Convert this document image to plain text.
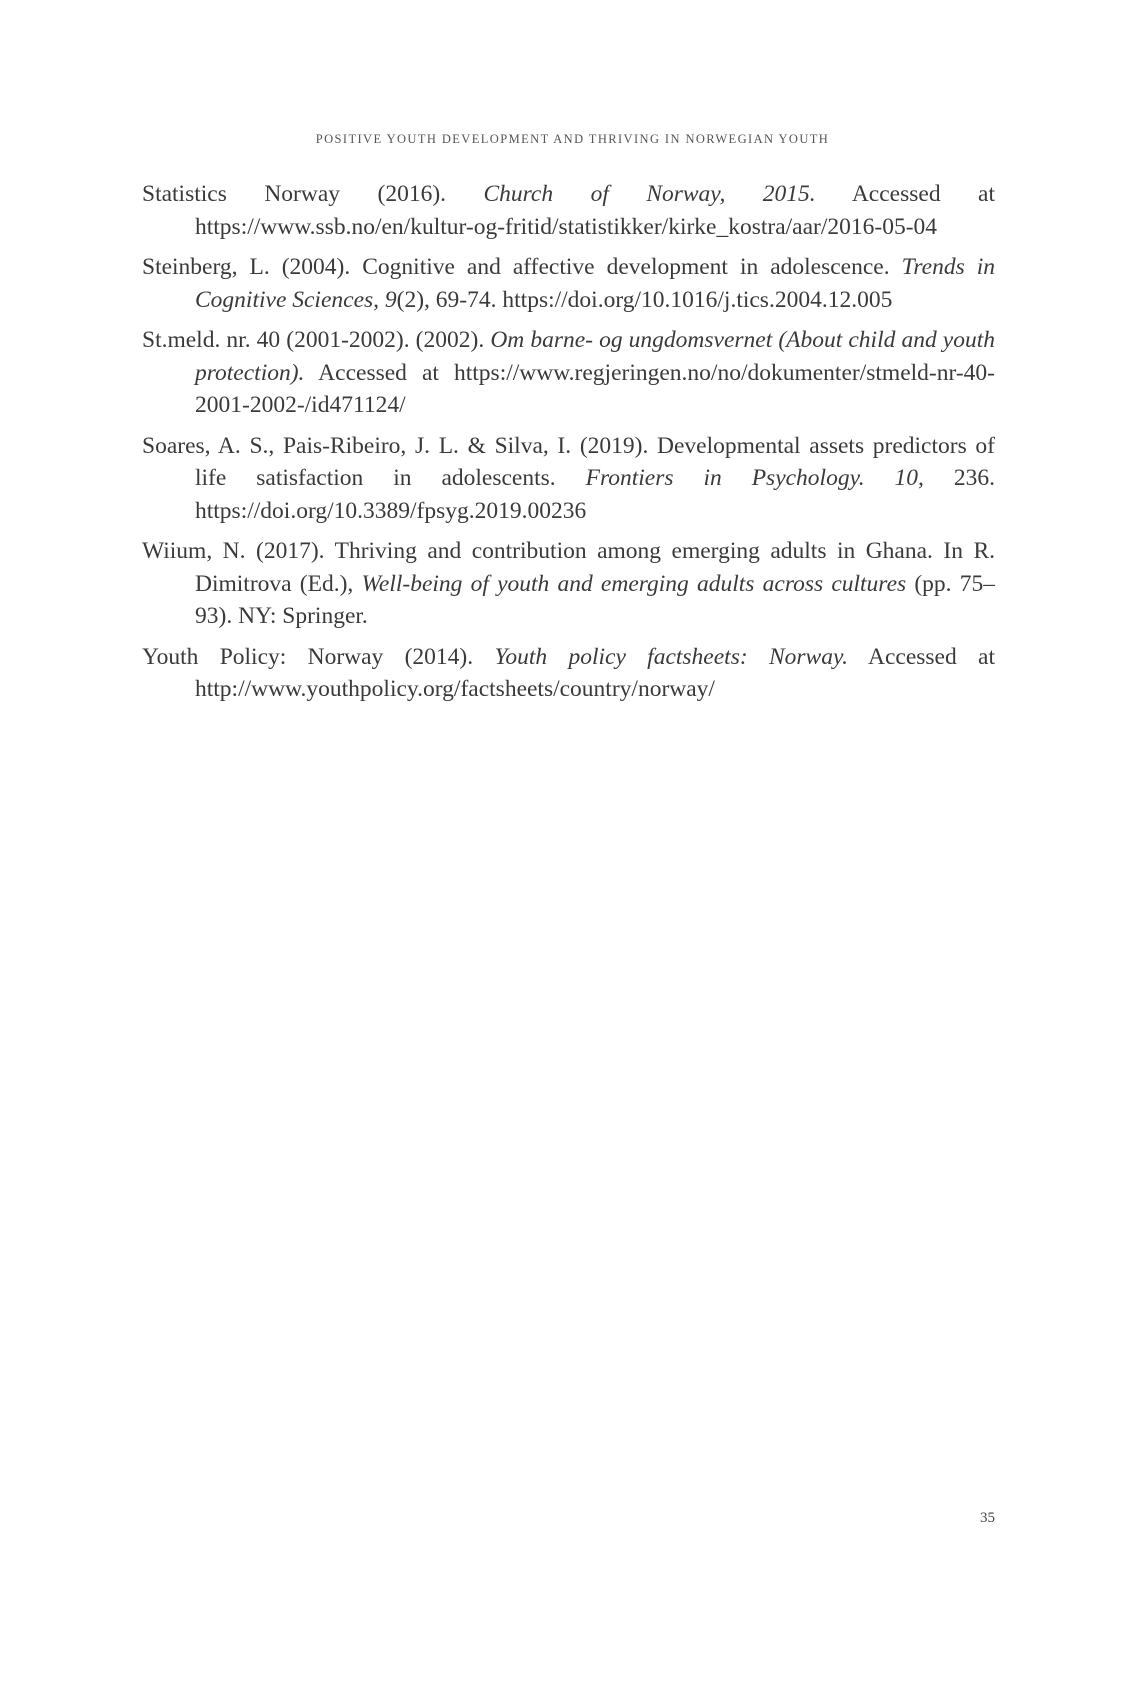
POSITIVE YOUTH DEVELOPMENT AND THRIVING IN NORWEGIAN YOUTH
Statistics Norway (2016). Church of Norway, 2015. Accessed at https://www.ssb.no/en/kultur-og-fritid/statistikker/kirke_kostra/aar/2016-05-04
Steinberg, L. (2004). Cognitive and affective development in adolescence. Trends in Cognitive Sciences, 9(2), 69-74. https://doi.org/10.1016/j.tics.2004.12.005
St.meld. nr. 40 (2001-2002). (2002). Om barne- og ungdomsvernet (About child and youth protection). Accessed at https://www.regjeringen.no/no/dokumenter/stmeld-nr-40-2001-2002-/id471124/
Soares, A. S., Pais-Ribeiro, J. L. & Silva, I. (2019). Developmental assets predictors of life satisfaction in adolescents. Frontiers in Psychology. 10, 236. https://doi.org/10.3389/fpsyg.2019.00236
Wiium, N. (2017). Thriving and contribution among emerging adults in Ghana. In R. Dimitrova (Ed.), Well-being of youth and emerging adults across cultures (pp. 75–93). NY: Springer.
Youth Policy: Norway (2014). Youth policy factsheets: Norway. Accessed at http://www.youthpolicy.org/factsheets/country/norway/
35
